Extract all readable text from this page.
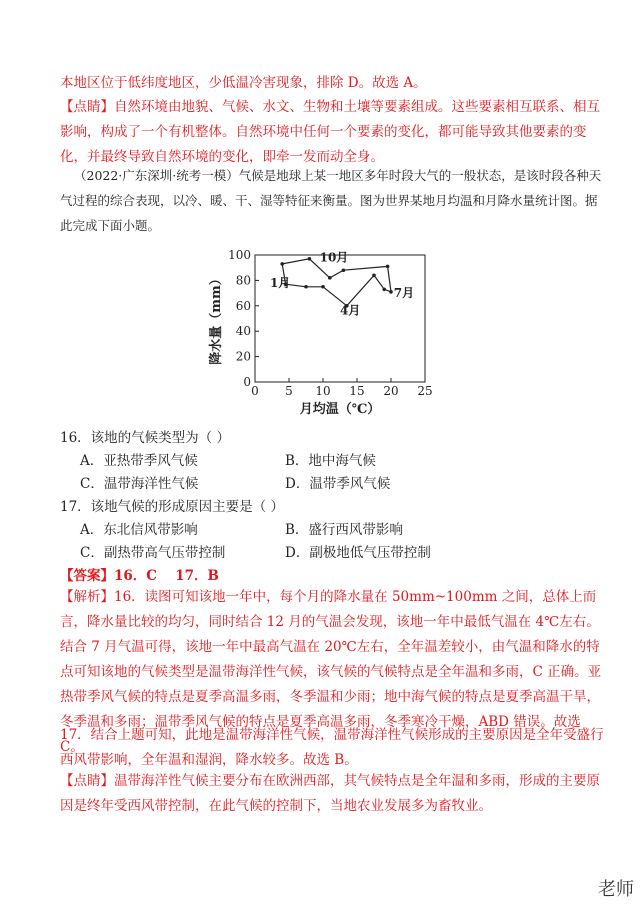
本地区位于低纬度地区，少低温冷害现象，排除 D。故选 A。

【点睛】自然环境由地貌、气候、水文、生物和土壤等要素组成。这些要素相互联系、相互影响，构成了一个有机整体。自然环境中任何一个要素的变化，都可能导致其他要素的变化，并最终导致自然环境的变化，即牵一发而动全身。

（2022·广东深圳·统考一模）气候是地球上某一地区多年时段大气的一般状态，是该时段各种天气过程的综合表现，以冷、暖、干、湿等特征来衡量。图为世界某地月均温和月降水量统计图。据此完成下面小题。

0 5 10 15 20 25
0
20
40
60
80
100
月均温（℃）
降水量（mm）	1月
4月
7月
10月
16．该地的气候类型为（ ）
A．亚热带季风气候	B．地中海气候
C．温带海洋性气候	D．温带季风气候
17．该地气候的形成原因主要是（ ）
A．东北信风带影响	B．盛行西风带影响
C．副热带高气压带控制	D．副极地低气压带控制
【答案】16．C　 17．B

【解析】16．读图可知该地一年中，每个月的降水量在 50mm~100mm 之间，总体上而言，降水量比较的均匀，同时结合 12 月的气温会发现，该地一年中最低气温在 4℃左右。结合 7 月气温可得，该地一年中最高气温在 20℃左右，全年温差较小，由气温和降水的特点可知该地的气候类型是温带海洋性气候，该气候的气候特点是全年温和多雨，C 正确。亚热带季风气候的特点是夏季高温多雨，冬季温和少雨；地中海气候的特点是夏季高温干旱，冬季温和多雨；温带季风气候的特点是夏季高温多雨，冬季寒冷干燥，ABD 错误。故选 C。

17．结合上题可知，此地是温带海洋性气候，温带海洋性气候形成的主要原因是全年受盛行西风带影响，全年温和湿润，降水较多。故选 B。

【点睛】温带海洋性气候主要分布在欧洲西部，其气候特点是全年温和多雨，形成的主要原因是终年受西风带控制，在此气候的控制下，当地农业发展多为畜牧业。

老师
